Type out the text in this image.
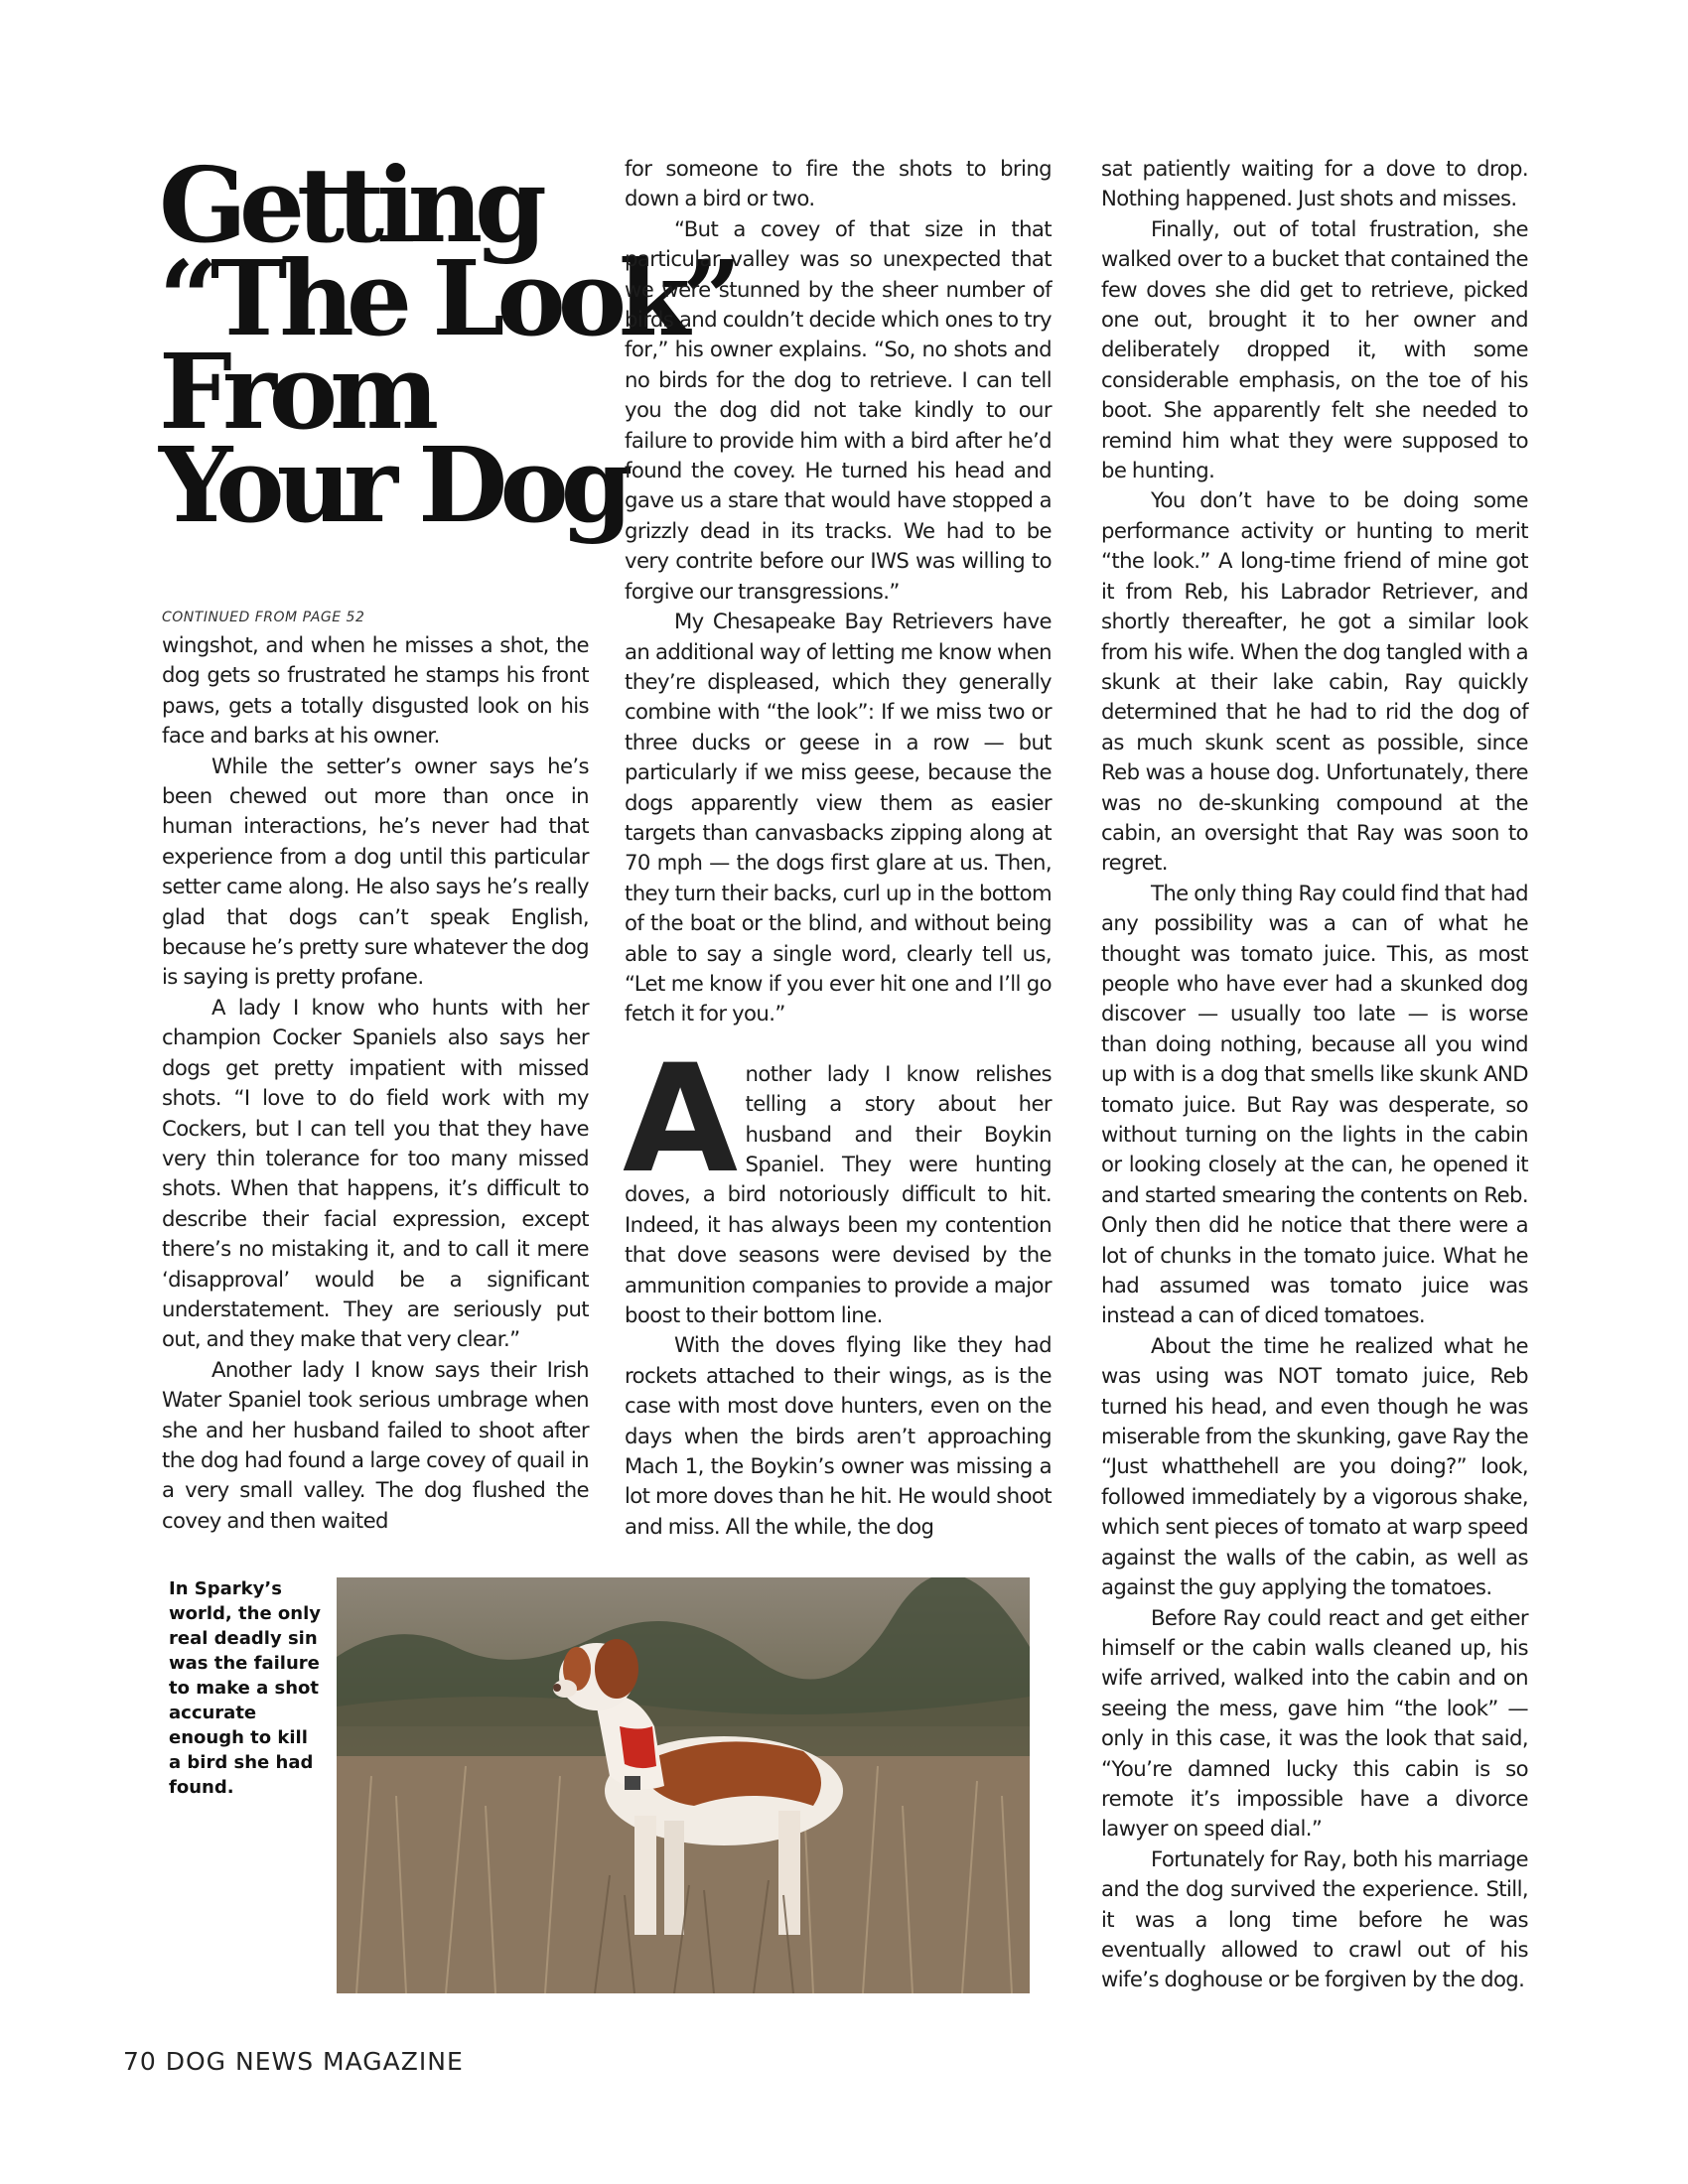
Getting
“The Look”
From
Your Dog
CONTINUED FROM PAGE 52

wingshot, and when he misses a shot, the dog gets so frustrated he stamps his front paws, gets a totally disgusted look on his face and barks at his owner.

While the setter’s owner says he’s been chewed out more than once in human interactions, he’s never had that experience from a dog until this particular setter came along. He also says he’s really glad that dogs can’t speak English, because he’s pretty sure whatever the dog is saying is pretty profane.

A lady I know who hunts with her champion Cocker Spaniels also says her dogs get pretty impatient with missed shots. “I love to do field work with my Cockers, but I can tell you that they have very thin tolerance for too many missed shots. When that happens, it’s difficult to describe their facial expression, except there’s no mistaking it, and to call it mere ‘disapproval’ would be a significant understatement. They are seriously put out, and they make that very clear.”

Another lady I know says their Irish Water Spaniel took serious umbrage when she and her husband failed to shoot after the dog had found a large covey of quail in a very small valley. The dog flushed the covey and then waited

for someone to fire the shots to bring down a bird or two.

“But a covey of that size in that particular valley was so unexpected that we were stunned by the sheer number of birds and couldn’t decide which ones to try for,” his owner explains. “So, no shots and no birds for the dog to retrieve. I can tell you the dog did not take kindly to our failure to provide him with a bird after he’d found the covey. He turned his head and gave us a stare that would have stopped a grizzly dead in its tracks. We had to be very contrite before our IWS was willing to forgive our transgressions.”

My Chesapeake Bay Retrievers have an additional way of letting me know when they’re displeased, which they generally combine with “the look”: If we miss two or three ducks or geese in a row — but particularly if we miss geese, because the dogs apparently view them as easier targets than canvasbacks zipping along at 70 mph — the dogs first glare at us. Then, they turn their backs, curl up in the bottom of the boat or the blind, and without being able to say a single word, clearly tell us, “Let me know if you ever hit one and I’ll go fetch it for you.”

Another lady I know relishes telling a story about her husband and their Boykin Spaniel. They were hunting doves, a bird notoriously difficult to hit. Indeed, it has always been my contention that dove seasons were devised by the ammunition companies to provide a major boost to their bottom line.

With the doves flying like they had rockets attached to their wings, as is the case with most dove hunters, even on the days when the birds aren’t approaching Mach 1, the Boykin’s owner was missing a lot more doves than he hit. He would shoot and miss. All the while, the dog

sat patiently waiting for a dove to drop. Nothing happened. Just shots and misses.

Finally, out of total frustration, she walked over to a bucket that contained the few doves she did get to retrieve, picked one out, brought it to her owner and deliberately dropped it, with some considerable emphasis, on the toe of his boot. She apparently felt she needed to remind him what they were supposed to be hunting.

You don’t have to be doing some performance activity or hunting to merit “the look.” A long-time friend of mine got it from Reb, his Labrador Retriever, and shortly thereafter, he got a similar look from his wife. When the dog tangled with a skunk at their lake cabin, Ray quickly determined that he had to rid the dog of as much skunk scent as possible, since Reb was a house dog. Unfortunately, there was no de-skunking compound at the cabin, an oversight that Ray was soon to regret.

The only thing Ray could find that had any possibility was a can of what he thought was tomato juice. This, as most people who have ever had a skunked dog discover — usually too late — is worse than doing nothing, because all you wind up with is a dog that smells like skunk AND tomato juice. But Ray was desperate, so without turning on the lights in the cabin or looking closely at the can, he opened it and started smearing the contents on Reb. Only then did he notice that there were a lot of chunks in the tomato juice. What he had assumed was tomato juice was instead a can of diced tomatoes.

About the time he realized what he was using was NOT tomato juice, Reb turned his head, and even though he was miserable from the skunking, gave Ray the “Just whatthehell are you doing?” look, followed immediately by a vigorous shake, which sent pieces of tomato at warp speed against the walls of the cabin, as well as against the guy applying the tomatoes.

Before Ray could react and get either himself or the cabin walls cleaned up, his wife arrived, walked into the cabin and on seeing the mess, gave him “the look” — only in this case, it was the look that said, “You’re damned lucky this cabin is so remote it’s impossible have a divorce lawyer on speed dial.”

Fortunately for Ray, both his marriage and the dog survived the experience. Still, it was a long time before he was eventually allowed to crawl out of his wife’s doghouse or be forgiven by the dog.

In Sparky’s world, the only real deadly sin was the failure to make a shot accurate enough to kill a bird she had found.
70 DOG NEWS MAGAZINE
